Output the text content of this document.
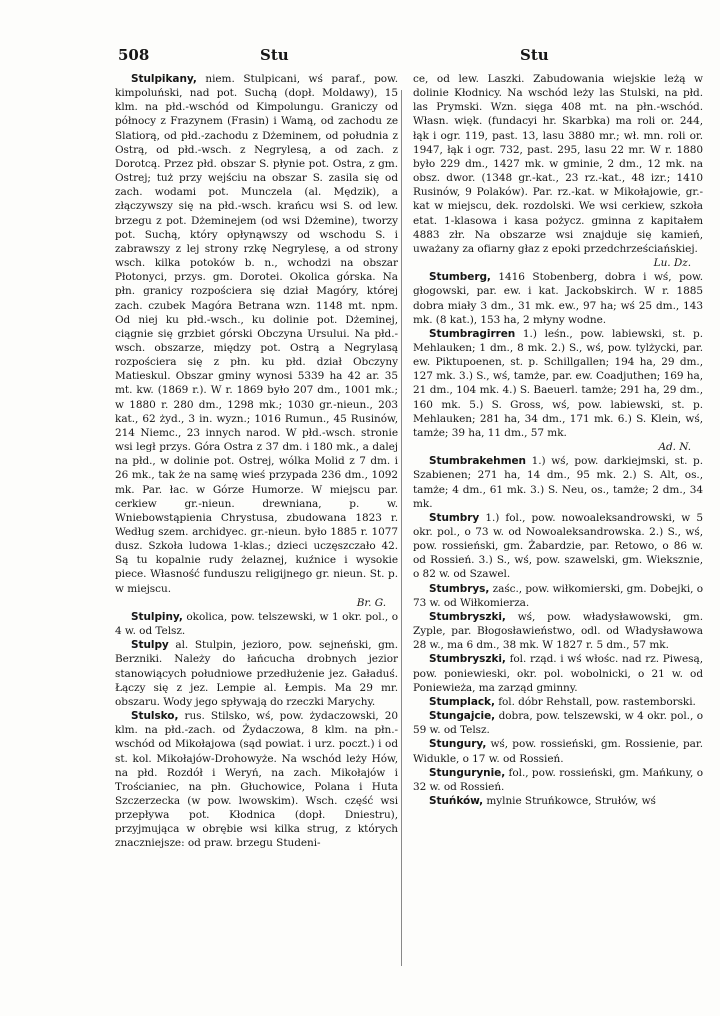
508	Stu	Stu

Stulpikany, niem. Stulpicani, wś paraf., pow. kimpoluński, nad pot. Suchą (dopł. Moldawy), 15 klm. na płd.-wschód od Kimpolungu. Graniczy od północy z Frazynem (Frasin) i Wamą, od zachodu ze Slatiorą, od płd.-zachodu z Dżeminem, od południa z Ostrą, od płd.-wsch. z Negrylesą, a od zach. z Dorotcą. Przez płd. obszar S. płynie pot. Ostra, z gm. Ostrej; tuż przy wejściu na obszar S. zasila się od zach. wodami pot. Munczela (al. Mędzik), a złączywszy się na płd.-wsch. krańcu wsi S. od lew. brzegu z pot. Dżeminejem (od wsi Dżemine), tworzy pot. Suchą, który opłynąwszy od wschodu S. i zabrawszy z lej strony rzkę Negrylesę, a od strony wsch. kilka potoków b. n., wchodzi na obszar Płotonyci, przys. gm. Dorotei. Okolica górska. Na płn. granicy rozpościera się dział Magóry, której zach. czubek Magóra Betrana wzn. 1148 mt. npm. Od niej ku płd.-wsch., ku dolinie pot. Dżeminej, ciągnie się grzbiet górski Obczyna Ursului. Na płd.-wsch. obszarze, między pot. Ostrą a Negrylasą rozpościera się z płn. ku płd. dział Obczyny Matieskul. Obszar gminy wynosi 5339 ha 42 ar. 35 mt. kw. (1869 r.). W r. 1869 było 207 dm., 1001 mk.; w 1880 r. 280 dm., 1298 mk.; 1030 gr.-nieun., 203 kat., 62 żyd., 3 in. wyzn.; 1016 Rumun., 45 Rusinów, 214 Niemc., 23 innych narod. W płd.-wsch. stronie wsi legł przys. Góra Ostra z 37 dm. i 180 mk., a dalej na płd., w dolinie pot. Ostrej, wólka Molid z 7 dm. i 26 mk., tak że na samę wieś przypada 236 dm., 1092 mk. Par. łac. w Górze Humorze. W miejscu par. cerkiew gr.-nieun. drewniana, p. w. Wniebowstąpienia Chrystusa, zbudowana 1823 r. Według szem. archidyec. gr.-nieun. było 1885 r. 1077 dusz. Szkoła ludowa 1-klas.; dzieci uczęszczało 42. Są tu kopalnie rudy żelaznej, kuźnice i wysokie piece. Własność funduszu religijnego gr. nieun. St. p. w miejscu.
Br. G.

Stulpiny, okolica, pow. telszewski, w 1 okr. pol., o 4 w. od Telsz.

Stulpy al. Stulpin, jezioro, pow. sejneński, gm. Berzniki. Należy do łańcucha drobnych jezior stanowiących południowe przedłużenie jez. Gaładuś. Łączy się z jez. Lempie al. Łempis. Ma 29 mr. obszaru. Wody jego spływają do rzeczki Marychy.

Stulsko, rus. Stilsko, wś, pow. żydaczowski, 20 klm. na płd.-zach. od Żydaczowa, 8 klm. na płn.-wschód od Mikołajowa (sąd powiat. i urz. poczt.) i od st. kol. Mikołajów-Drohowyże. Na wschód leży Hów, na płd. Rozdół i Weryń, na zach. Mikołajów i Trościaniec, na płn. Głuchowice, Polana i Huta Szczerzecka (w pow. lwowskim). Wsch. część wsi przepływa pot. Kłodnica (dopł. Dniestru), przyjmująca w obrębie wsi kilka strug, z których znaczniejsze: od praw. brzegu Studeni-

ce, od lew. Laszki. Zabudowania wiejskie leżą w dolinie Kłodnicy. Na wschód leży las Stulski, na płd. las Prymski. Wzn. sięga 408 mt. na płn.-wschód. Własn. więk. (fundacyi hr. Skarbka) ma roli or. 244, łąk i ogr. 119, past. 13, lasu 3880 mr.; wł. mn. roli or. 1947, łąk i ogr. 732, past. 295, lasu 22 mr. W r. 1880 było 229 dm., 1427 mk. w gminie, 2 dm., 12 mk. na obsz. dwor. (1348 gr.-kat., 23 rz.-kat., 48 izr.; 1410 Rusinów, 9 Polaków). Par. rz.-kat. w Mikołajowie, gr.-kat w miejscu, dek. rozdolski. We wsi cerkiew, szkoła etat. 1-klasowa i kasa pożycz. gminna z kapitałem 4883 złr. Na obszarze wsi znajduje się kamień, uważany za ofiarny głaz z epoki przedchrześciańskiej.
Lu. Dz.

Stumberg, 1416 Stobenberg, dobra i wś, pow. głogowski, par. ew. i kat. Jackobskirch. W r. 1885 dobra miały 3 dm., 31 mk. ew., 97 ha; wś 25 dm., 143 mk. (8 kat.), 153 ha, 2 młyny wodne.

Stumbragirren 1.) leśn., pow. labiewski, st. p. Mehlauken; 1 dm., 8 mk. 2.) S., wś, pow. tylżycki, par. ew. Piktupoenen, st. p. Schillgallen; 194 ha, 29 dm., 127 mk. 3.) S., wś, tamże, par. ew. Coadjuthen; 169 ha, 21 dm., 104 mk. 4.) S. Baeuerl. tamże; 291 ha, 29 dm., 160 mk. 5.) S. Gross, wś, pow. labiewski, st. p. Mehlauken; 281 ha, 34 dm., 171 mk. 6.) S. Klein, wś, tamże; 39 ha, 11 dm., 57 mk.
Ad. N.

Stumbrakehmen 1.) wś, pow. darkiejmski, st. p. Szabienen; 271 ha, 14 dm., 95 mk. 2.) S. Alt, os., tamże; 4 dm., 61 mk. 3.) S. Neu, os., tamże; 2 dm., 34 mk.

Stumbry 1.) fol., pow. nowoaleksandrowski, w 5 okr. pol., o 73 w. od Nowoaleksandrowska. 2.) S., wś, pow. rossieński, gm. Żabardzie, par. Retowo, o 86 w. od Rossień. 3.) S., wś, pow. szawelski, gm. Wieksznie, o 82 w. od Szawel.

Stumbrys, zaśc., pow. wiłkomierski, gm. Dobejki, o 73 w. od Wiłkomierza.

Stumbryszki, wś, pow. władysławowski, gm. Zyple, par. Błogosławieństwo, odl. od Władysławowa 28 w., ma 6 dm., 38 mk. W 1827 r. 5 dm., 57 mk.

Stumbryszki, fol. rząd. i wś włośc. nad rz. Piwesą, pow. poniewieski, okr. pol. wobolnicki, o 21 w. od Poniewieża, ma zarząd gminny.

Stumplack, fol. dóbr Rehstall, pow. rastemborski.

Stungajcie, dobra, pow. telszewski, w 4 okr. pol., o 59 w. od Telsz.

Stungury, wś, pow. rossieński, gm. Rossienie, par. Widukle, o 17 w. od Rossień.

Stungurynie, fol., pow. rossieński, gm. Mańkuny, o 32 w. od Rossień.

Stuńków, mylnie Struńkowce, Strułów, wś
